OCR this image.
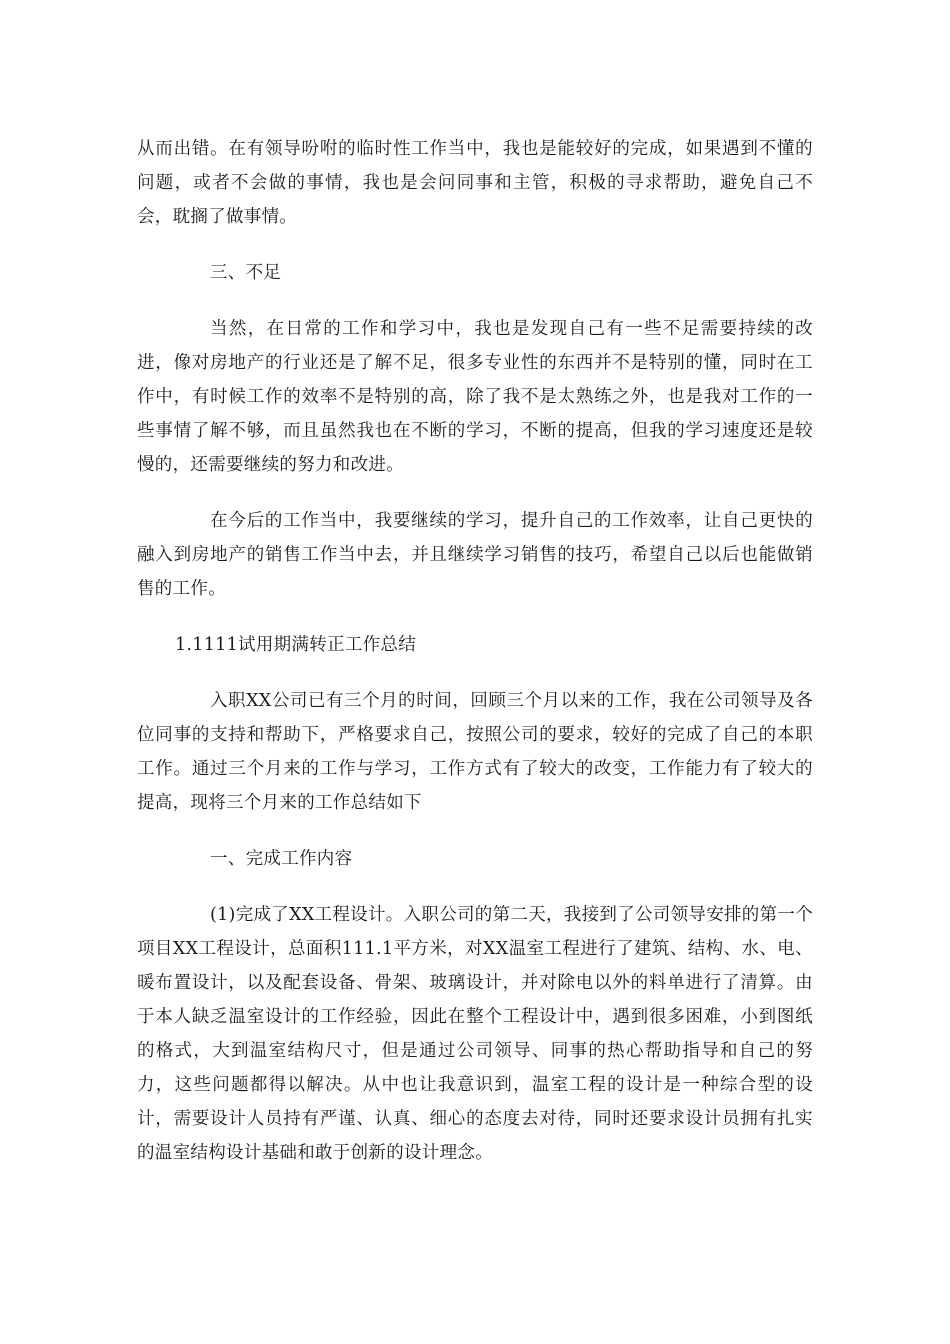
从而出错。在有领导吩咐的临时性工作当中，我也是能较好的完成，如果遇到不懂的问题，或者不会做的事情，我也是会问同事和主管，积极的寻求帮助，避免自己不会，耽搁了做事情。

三、不足

当然，在日常的工作和学习中，我也是发现自己有一些不足需要持续的改进，像对房地产的行业还是了解不足，很多专业性的东西并不是特别的懂，同时在工作中，有时候工作的效率不是特别的高，除了我不是太熟练之外，也是我对工作的一些事情了解不够，而且虽然我也在不断的学习，不断的提高，但我的学习速度还是较慢的，还需要继续的努力和改进。

在今后的工作当中，我要继续的学习，提升自己的工作效率，让自己更快的融入到房地产的销售工作当中去，并且继续学习销售的技巧，希望自己以后也能做销售的工作。

1.1111试用期满转正工作总结

入职XX公司已有三个月的时间，回顾三个月以来的工作，我在公司领导及各位同事的支持和帮助下，严格要求自己，按照公司的要求，较好的完成了自己的本职工作。通过三个月来的工作与学习，工作方式有了较大的改变，工作能力有了较大的提高，现将三个月来的工作总结如下

一、完成工作内容

(1)完成了XX工程设计。入职公司的第二天，我接到了公司领导安排的第一个项目XX工程设计，总面积111.1平方米，对XX温室工程进行了建筑、结构、水、电、暖布置设计，以及配套设备、骨架、玻璃设计，并对除电以外的料单进行了清算。由于本人缺乏温室设计的工作经验，因此在整个工程设计中，遇到很多困难，小到图纸的格式，大到温室结构尺寸，但是通过公司领导、同事的热心帮助指导和自己的努力，这些问题都得以解决。从中也让我意识到，温室工程的设计是一种综合型的设计，需要设计人员持有严谨、认真、细心的态度去对待，同时还要求设计员拥有扎实的温室结构设计基础和敢于创新的设计理念。
